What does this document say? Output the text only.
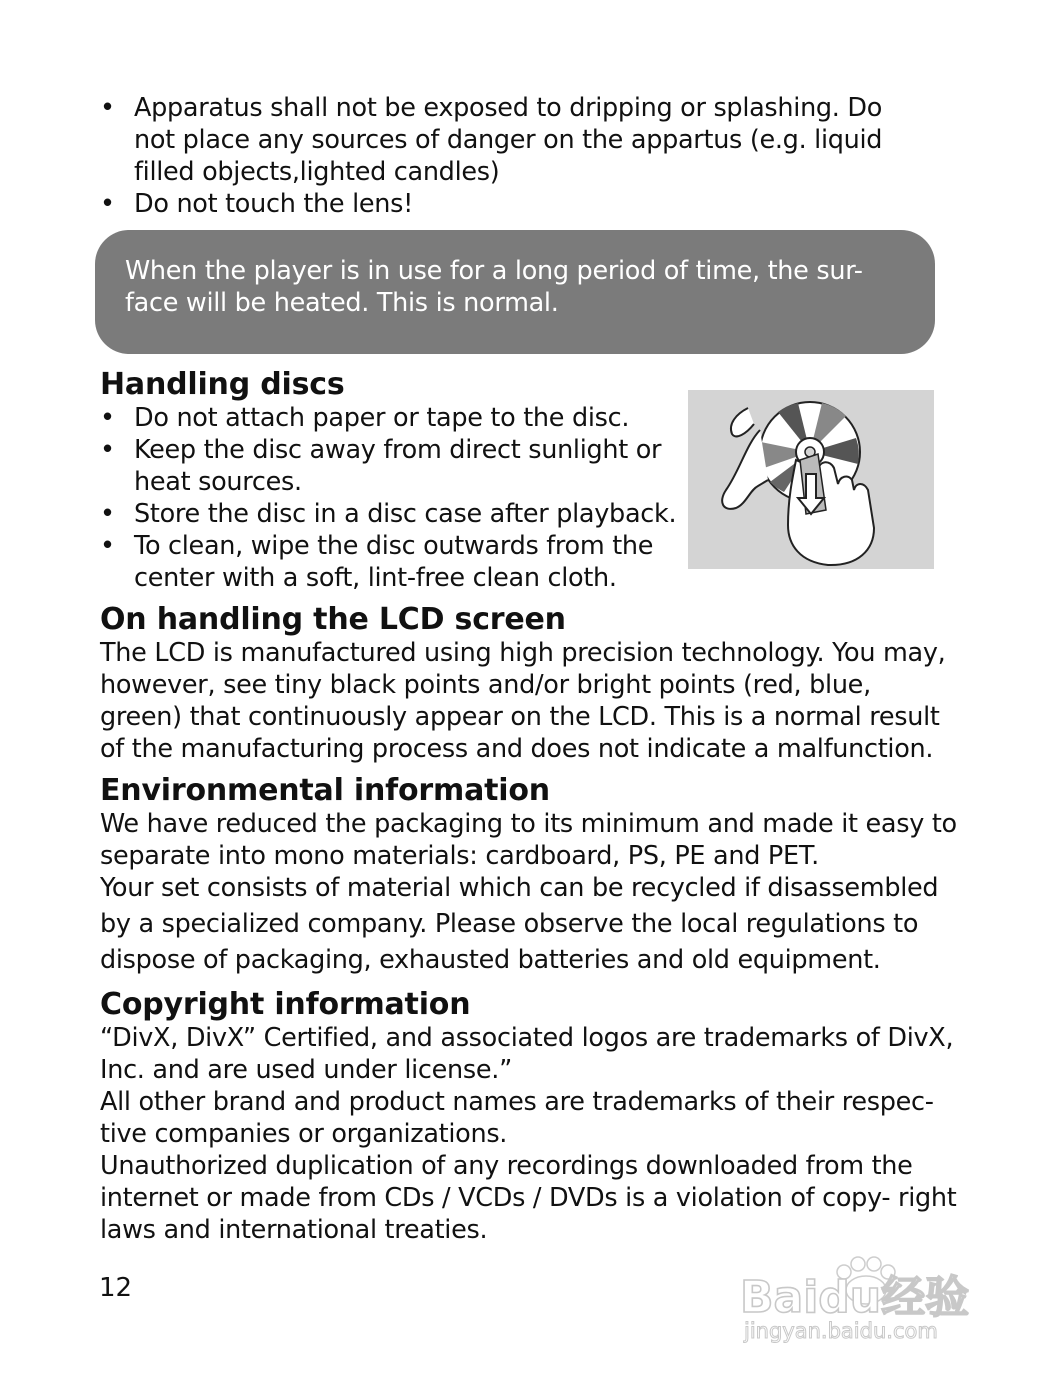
• Apparatus shall not be exposed to dripping or splashing. Do not place any sources of danger on the appartus (e.g. liquid filled objects,lighted candles)
• Do not touch the lens!

When the player is in use for a long period of time, the sur- face will be heated. This is normal.

Handling discs
• Do not attach paper or tape to the disc.
• Keep the disc away from direct sunlight or heat sources.
• Store the disc in a disc case after playback.
• To clean, wipe the disc outwards from the center with a soft, lint-free clean cloth.
On handling the LCD screen

The LCD is manufactured using high precision technology. You may, however, see tiny black points and/or bright points (red, blue, green) that continuously appear on the LCD. This is a normal result of the manufacturing process and does not indicate a malfunction.

Environmental information

We have reduced the packaging to its minimum and made it easy to separate into mono materials: cardboard, PS, PE and PET.

Your set consists of material which can be recycled if disassembled by a specialized company. Please observe the local regulations to dispose of packaging, exhausted batteries and old equipment.

Copyright information

“DivX, DivX” Certified, and associated logos are trademarks of DivX, Inc. and are used under license.”

All other brand and product names are trademarks of their respec- tive companies or organizations.

Unauthorized duplication of any recordings downloaded from the internet or made from CDs / VCDs / DVDs is a violation of copy- right laws and international treaties.

12	Baidu经验
jingyan.baidu.com
